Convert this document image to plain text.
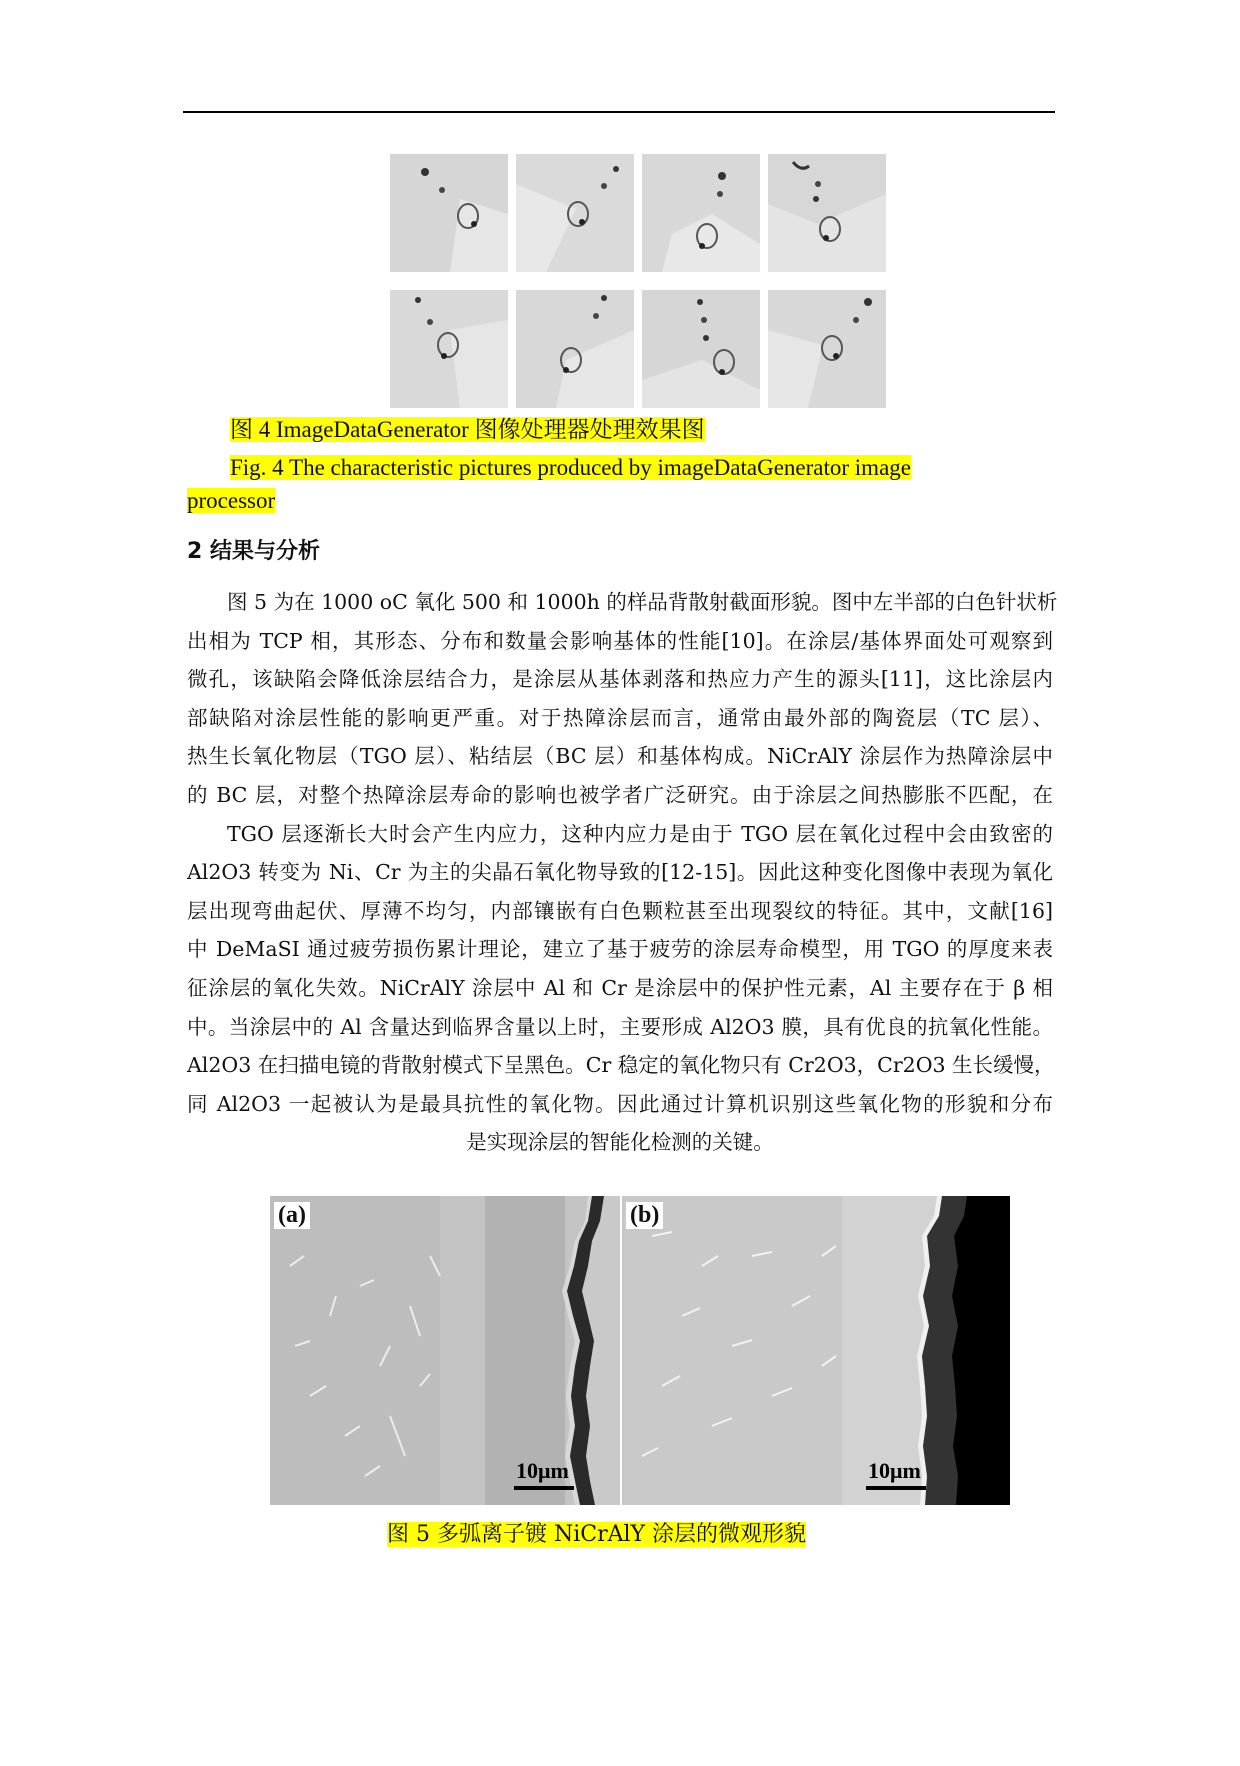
图 4 ImageDataGenerator 图像处理器处理效果图
Fig. 4 The characteristic pictures produced by imageDataGenerator image
processor
2 结果与分析
图 5 为在 1000 oC 氧化 500 和 1000h 的样品背散射截面形貌。图中左半部的白色针状析
出相为 TCP 相，其形态、分布和数量会影响基体的性能[10]。在涂层/基体界面处可观察到
微孔，该缺陷会降低涂层结合力，是涂层从基体剥落和热应力产生的源头[11]，这比涂层内
部缺陷对涂层性能的影响更严重。对于热障涂层而言，通常由最外部的陶瓷层（TC 层）、
热生长氧化物层（TGO 层）、粘结层（BC 层）和基体构成。NiCrAlY 涂层作为热障涂层中
的 BC 层，对整个热障涂层寿命的影响也被学者广泛研究。由于涂层之间热膨胀不匹配，在
TGO 层逐渐长大时会产生内应力，这种内应力是由于 TGO 层在氧化过程中会由致密的
Al2O3 转变为 Ni、Cr 为主的尖晶石氧化物导致的[12-15]。因此这种变化图像中表现为氧化
层出现弯曲起伏、厚薄不均匀，内部镶嵌有白色颗粒甚至出现裂纹的特征。其中，文献[16]
中 DeMaSI 通过疲劳损伤累计理论，建立了基于疲劳的涂层寿命模型，用 TGO 的厚度来表
征涂层的氧化失效。NiCrAlY 涂层中 Al 和 Cr 是涂层中的保护性元素，Al 主要存在于 β 相
中。当涂层中的 Al 含量达到临界含量以上时，主要形成 Al2O3 膜，具有优良的抗氧化性能。
Al2O3 在扫描电镜的背散射模式下呈黑色。Cr 稳定的氧化物只有 Cr2O3，Cr2O3 生长缓慢，
同 Al2O3 一起被认为是最具抗性的氧化物。因此通过计算机识别这些氧化物的形貌和分布
是实现涂层的智能化检测的关键。
(a)
10μm
(b)
10μm
图 5 多弧离子镀 NiCrAlY 涂层的微观形貌
